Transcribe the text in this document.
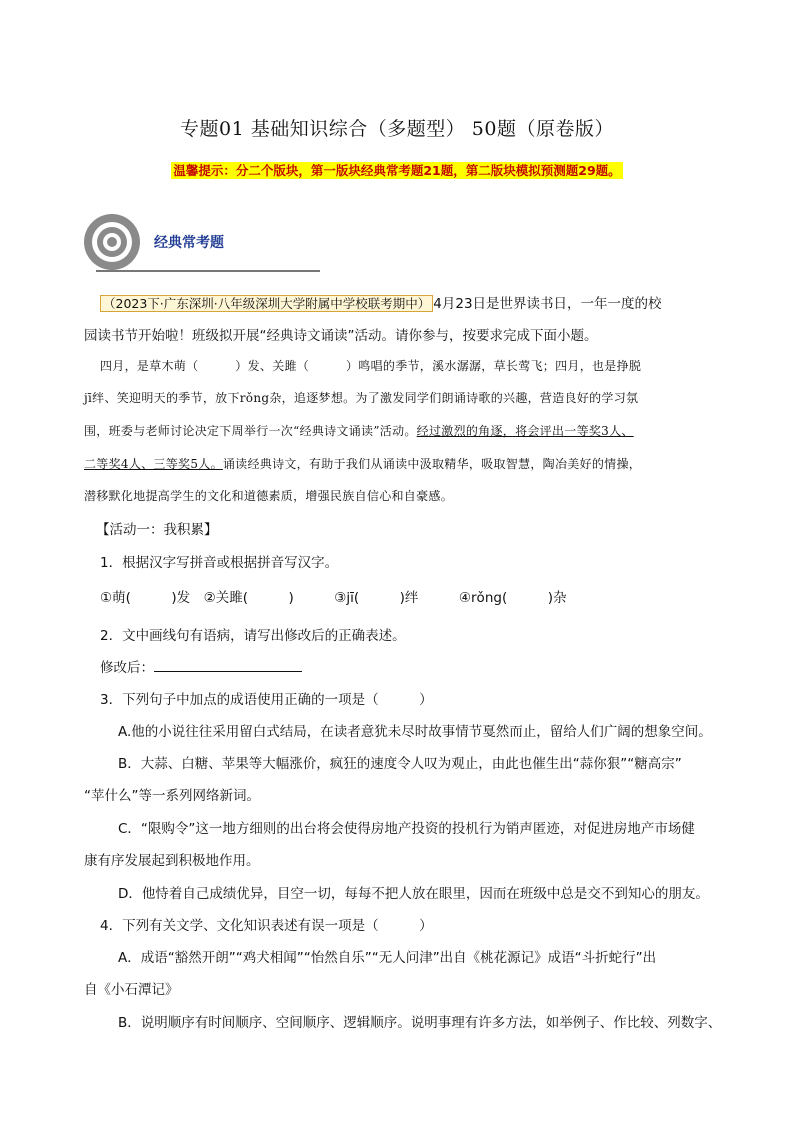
专题01 基础知识综合（多题型） 50题（原卷版）
温馨提示：分二个版块，第一版块经典常考题21题，第二版块模拟预测题29题。
经典常考题
（2023下·广东深圳·八年级深圳大学附属中学校联考期中） 4月23日是世界读书日，一年一度的校
园读书节开始啦！班级拟开展“经典诗文诵读”活动。请你参与，按要求完成下面小题。
四月，是草木萌（　　　）发、关雎（　　　）鸣唱的季节，溪水潺潺，草长莺飞；四月，也是挣脱
jī绊、笑迎明天的季节，放下rǒng杂，追逐梦想。为了激发同学们朗诵诗歌的兴趣，营造良好的学习氛
围，班委与老师讨论决定下周举行一次“经典诗文诵读”活动。经过激烈的角逐，将会评出一等奖3人、
二等奖4人、三等奖5人。诵读经典诗文，有助于我们从诵读中汲取精华，吸取智慧，陶冶美好的情操，
潜移默化地提高学生的文化和道德素质，增强民族自信心和自豪感。
【活动一：我积累】
1．根据汉字写拼音或根据拼音写汉字。
①萌(　　　)发　②关雎(　　　)　　　③jī(　　　)绊　　　④rǒng(　　　)杂
2．文中画线句有语病，请写出修改后的正确表述。
修改后：
3．下列句子中加点的成语使用正确的一项是（　　　）
A.他的小说往往采用留白式结局，在读者意犹未尽时故事情节戛然而止，留给人们广阔的想象空间。
B．大蒜、白糖、苹果等大幅涨价，疯狂的速度令人叹为观止，由此也催生出“蒜你狠”“糖高宗”
“苹什么”等一系列网络新词。
C．“限购令”这一地方细则的出台将会使得房地产投资的投机行为销声匿迹，对促进房地产市场健
康有序发展起到积极地作用。
D．他恃着自己成绩优异，目空一切，每每不把人放在眼里，因而在班级中总是交不到知心的朋友。
4．下列有关文学、文化知识表述有误一项是（　　　）
A．成语“豁然开朗”“鸡犬相闻”“怡然自乐”“无人问津”出自《桃花源记》成语“斗折蛇行”出
自《小石潭记》
B．说明顺序有时间顺序、空间顺序、逻辑顺序。说明事理有许多方法，如举例子、作比较、列数字、
